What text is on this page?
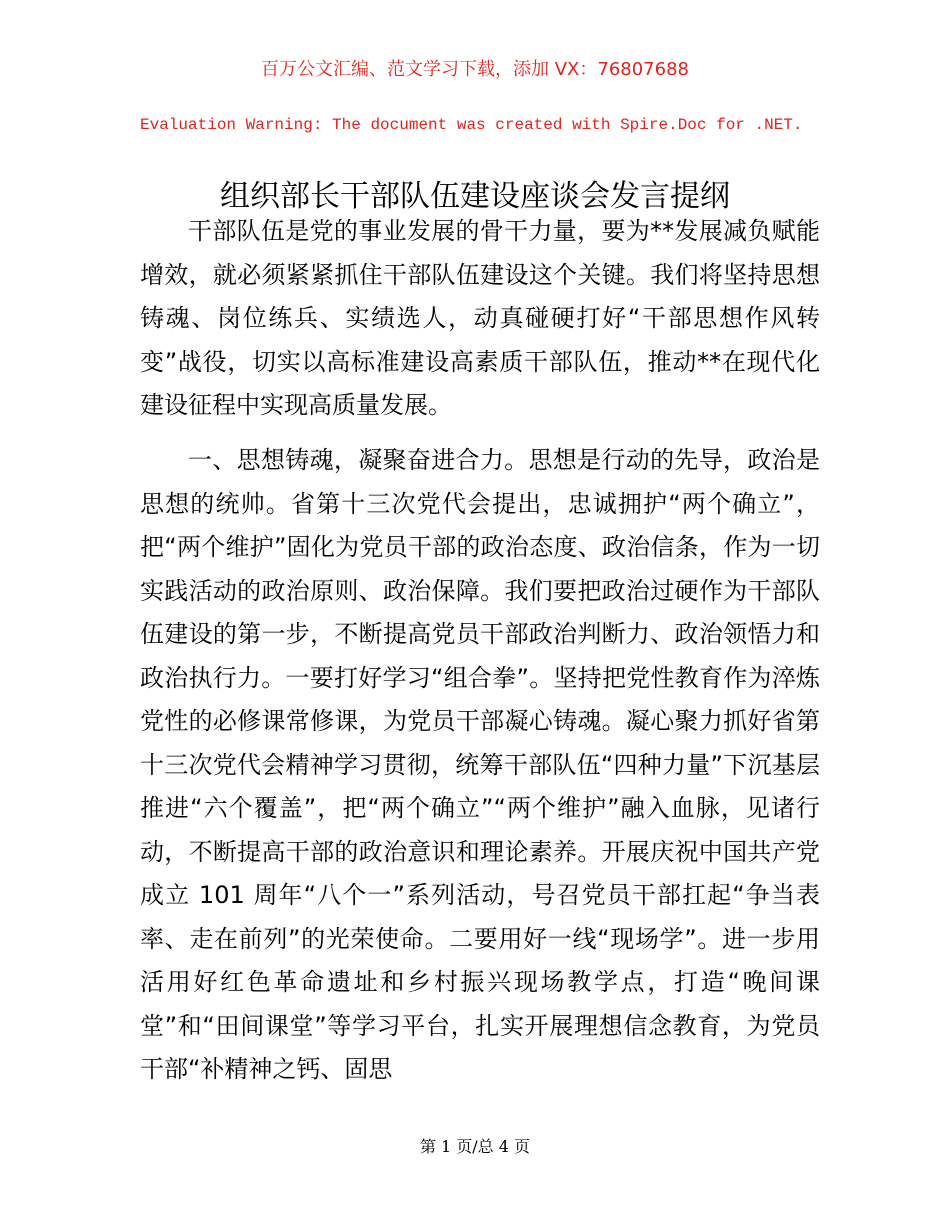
百万公文汇编、范文学习下载，添加 VX：76807688
Evaluation Warning: The document was created with Spire.Doc for .NET.
组织部长干部队伍建设座谈会发言提纲

干部队伍是党的事业发展的骨干力量，要为**发展减负赋能增效，就必须紧紧抓住干部队伍建设这个关键。我们将坚持思想铸魂、岗位练兵、实绩选人，动真碰硬打好“干部思想作风转变”战役，切实以高标准建设高素质干部队伍，推动**在现代化建设征程中实现高质量发展。

一、思想铸魂，凝聚奋进合力。思想是行动的先导，政治是思想的统帅。省第十三次党代会提出，忠诚拥护“两个确立”，把“两个维护”固化为党员干部的政治态度、政治信条，作为一切实践活动的政治原则、政治保障。我们要把政治过硬作为干部队伍建设的第一步，不断提高党员干部政治判断力、政治领悟力和政治执行力。一要打好学习“组合拳”。坚持把党性教育作为淬炼党性的必修课常修课，为党员干部凝心铸魂。凝心聚力抓好省第十三次党代会精神学习贯彻，统筹干部队伍“四种力量”下沉基层推进“六个覆盖”，把“两个确立”“两个维护”融入血脉，见诸行动，不断提高干部的政治意识和理论素养。开展庆祝中国共产党成立 101 周年“八个一”系列活动，号召党员干部扛起“争当表率、走在前列”的光荣使命。二要用好一线“现场学”。进一步用活用好红色革命遗址和乡村振兴现场教学点，打造“晚间课堂”和“田间课堂”等学习平台，扎实开展理想信念教育，为党员干部“补精神之钙、固思

第 1 页/总 4 页
